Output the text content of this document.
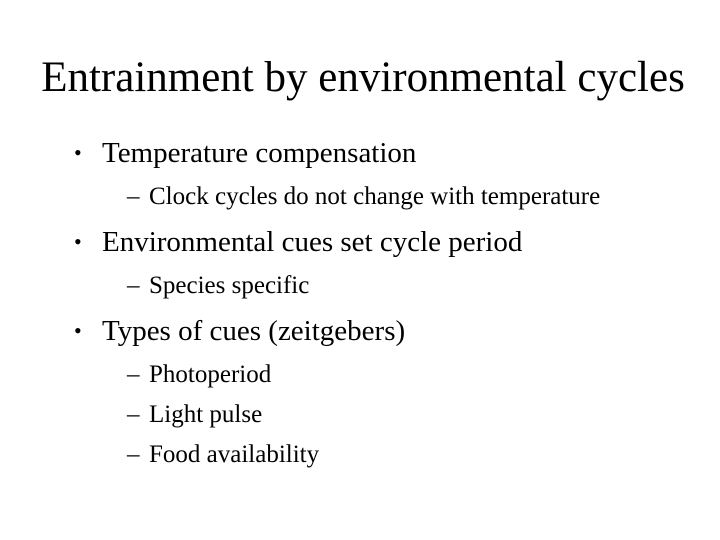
Entrainment by environmental cycles
• Temperature compensation
– Clock cycles do not change with temperature
• Environmental cues set cycle period
– Species specific
• Types of cues (zeitgebers)
– Photoperiod
– Light pulse
– Food availability
